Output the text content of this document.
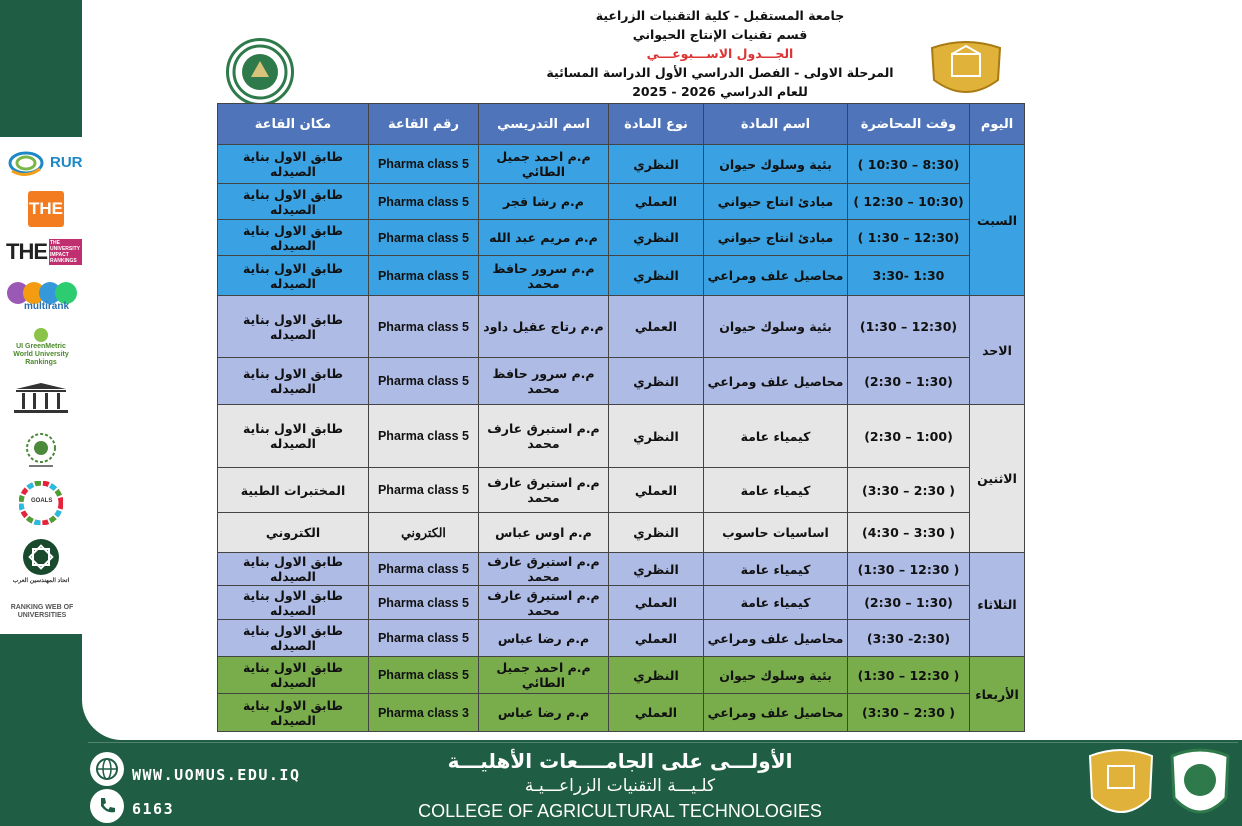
RUR
THE
THE THE UNIVERSITY IMPACT RANKINGS
multirank
UI GreenMetric World University Rankings
GOALS
اتحاد المهندسين العرب
RANKING WEB OF UNIVERSITIES
جامعة المستقبل - كلية التقنيات الزراعية
قسم تقنيات الإنتاج الحيواني
الجـــدول الاســـبوعـــي
المرحلة الاولى - الفصل الدراسي الأول الدراسة المسائية
للعام الدراسي 2026 - 2025
اليوم	وقت المحاضرة	اسم المادة	نوع المادة	اسم التدريسي	رقم القاعة	مكان القاعة
السبت	(8:30 – 10:30 )	بئية وسلوك حيوان	النظري	م.م احمد جميل الطائي	Pharma class 5	طابق الاول بناية الصيدله
	(10:30 – 12:30 )	مبادئ انتاج حيواني	العملي	م.م رشا فجر	Pharma class 5	طابق الاول بناية الصيدله
	(12:30 – 1:30 )	مبادئ انتاج حيواني	النظري	م.م مريم عبد الله	Pharma class 5	طابق الاول بناية الصيدله
	1:30 -3:30	محاصيل علف ومراعي	النظري	م.م سرور حافظ محمد	Pharma class 5	طابق الاول بناية الصيدله
الاحد	(12:30 – 1:30)	بئية وسلوك حيوان	العملي	م.م رتاج عقيل داود	Pharma class 5	طابق الاول بناية الصيدله
	(1:30 – 2:30)	محاصيل علف ومراعي	النظري	م.م سرور حافظ محمد	Pharma class 5	طابق الاول بناية الصيدله
الاثنين	(1:00 – 2:30)	كيمياء عامة	النظري	م.م استبرق عارف محمد	Pharma class 5	طابق الاول بناية الصيدله
	( 2:30 – 3:30)	كيمياء عامة	العملي	م.م استبرق عارف محمد	Pharma class 5	المختبرات الطبية
	( 3:30 – 4:30)	اساسيات حاسوب	النظري	م.م اوس عباس	الكتروني	الكتروني
الثلاثاء	( 12:30 – 1:30)	كيمياء عامة	النظري	م.م استبرق عارف محمد	Pharma class 5	طابق الاول بناية الصيدله
	(1:30 – 2:30)	كيمياء عامة	العملي	م.م استبرق عارف محمد	Pharma class 5	طابق الاول بناية الصيدله
	(2:30- 3:30)	محاصيل علف ومراعي	العملي	م.م رضا عباس	Pharma class 5	طابق الاول بناية الصيدله
الأربعاء	( 12:30 – 1:30)	بئية وسلوك حيوان	النظري	م.م احمد جميل الطائي	Pharma class 5	طابق الاول بناية الصيدله
	( 2:30 – 3:30)	محاصيل علف ومراعي	العملي	م.م رضا عباس	Pharma class 3	طابق الاول بناية الصيدله
WWW.UOMUS.EDU.IQ
6163
الأولـــى على الجامــــعات الأهليـــة
كلـيـــة التقنيات الزراعـــيـة
COLLEGE OF AGRICULTURAL TECHNOLOGIES
